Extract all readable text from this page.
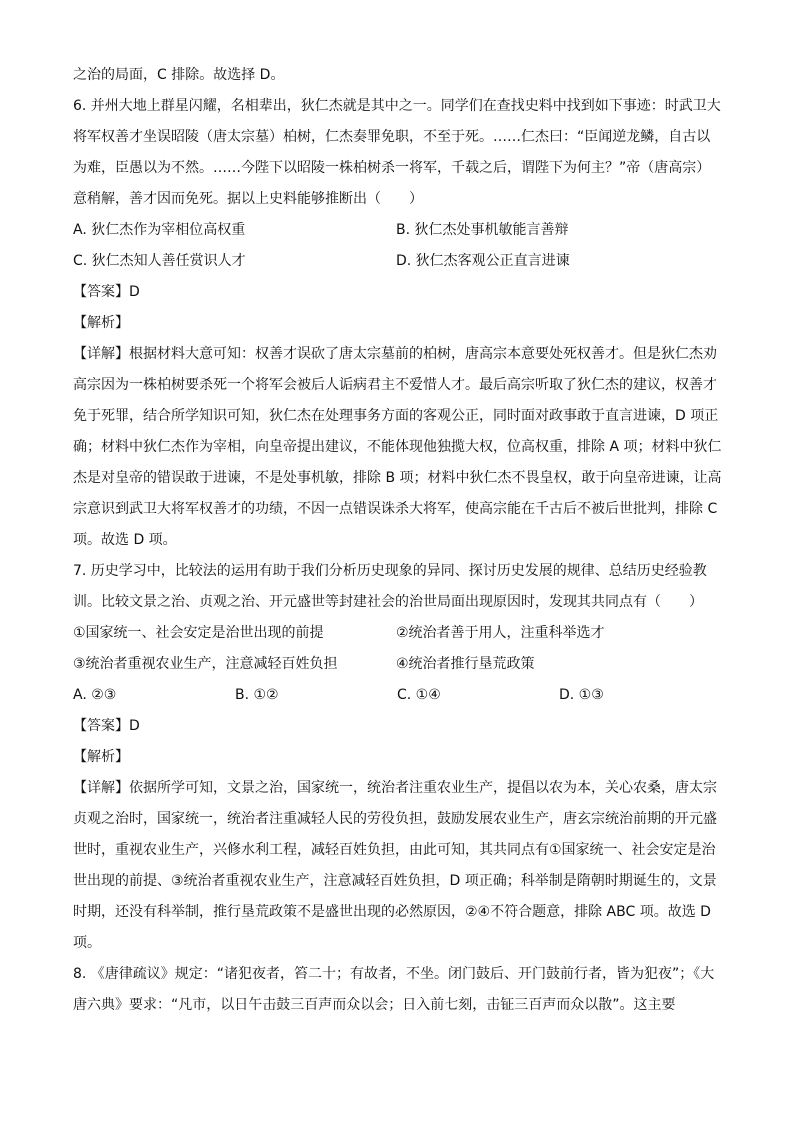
之治的局面，C 排除。故选择 D。
6. 并州大地上群星闪耀，名相辈出，狄仁杰就是其中之一。同学们在查找史料中找到如下事迹：时武卫大将军权善才坐误昭陵（唐太宗墓）柏树，仁杰奏罪免职，不至于死。……仁杰曰：“臣闻逆龙鳞，自古以为难，臣愚以为不然。……今陛下以昭陵一株柏树杀一将军，千载之后，谓陛下为何主？”帝（唐高宗）意稍解，善才因而免死。据以上史料能够推断出（　　）
A. 狄仁杰作为宰相位高权重	B. 狄仁杰处事机敏能言善辩
C. 狄仁杰知人善任赏识人才	D. 狄仁杰客观公正直言进谏
【答案】D
【解析】
【详解】根据材料大意可知：权善才误砍了唐太宗墓前的柏树，唐高宗本意要处死权善才。但是狄仁杰劝高宗因为一株柏树要杀死一个将军会被后人诟病君主不爱惜人才。最后高宗听取了狄仁杰的建议，权善才免于死罪，结合所学知识可知，狄仁杰在处理事务方面的客观公正，同时面对政事敢于直言进谏，D 项正确；材料中狄仁杰作为宰相，向皇帝提出建议，不能体现他独揽大权，位高权重，排除 A 项；材料中狄仁杰是对皇帝的错误敢于进谏，不是处事机敏，排除 B 项；材料中狄仁杰不畏皇权，敢于向皇帝进谏，让高宗意识到武卫大将军权善才的功绩，不因一点错误诛杀大将军，使高宗能在千古后不被后世批判，排除 C 项。故选 D 项。
7. 历史学习中，比较法的运用有助于我们分析历史现象的异同、探讨历史发展的规律、总结历史经验教训。比较文景之治、贞观之治、开元盛世等封建社会的治世局面出现原因时，发现其共同点有（　　）
①国家统一、社会安定是治世出现的前提	②统治者善于用人，注重科举选才
③统治者重视农业生产，注意减轻百姓负担	④统治者推行垦荒政策
A. ②③	B. ①②	C. ①④	D. ①③
【答案】D
【解析】
【详解】依据所学可知，文景之治，国家统一，统治者注重农业生产，提倡以农为本，关心农桑，唐太宗贞观之治时，国家统一，统治者注重减轻人民的劳役负担，鼓励发展农业生产，唐玄宗统治前期的开元盛世时，重视农业生产，兴修水利工程，减轻百姓负担，由此可知，其共同点有①国家统一、社会安定是治世出现的前提、③统治者重视农业生产，注意减轻百姓负担，D 项正确；科举制是隋朝时期诞生的，文景时期，还没有科举制，推行垦荒政策不是盛世出现的必然原因，②④不符合题意，排除 ABC 项。故选 D 项。
8. 《唐律疏议》规定：“诸犯夜者，笞二十；有故者，不坐。闭门鼓后、开门鼓前行者，皆为犯夜”；《大唐六典》要求：“凡市，以日午击鼓三百声而众以会；日入前七刻，击钲三百声而众以散”。这主要
